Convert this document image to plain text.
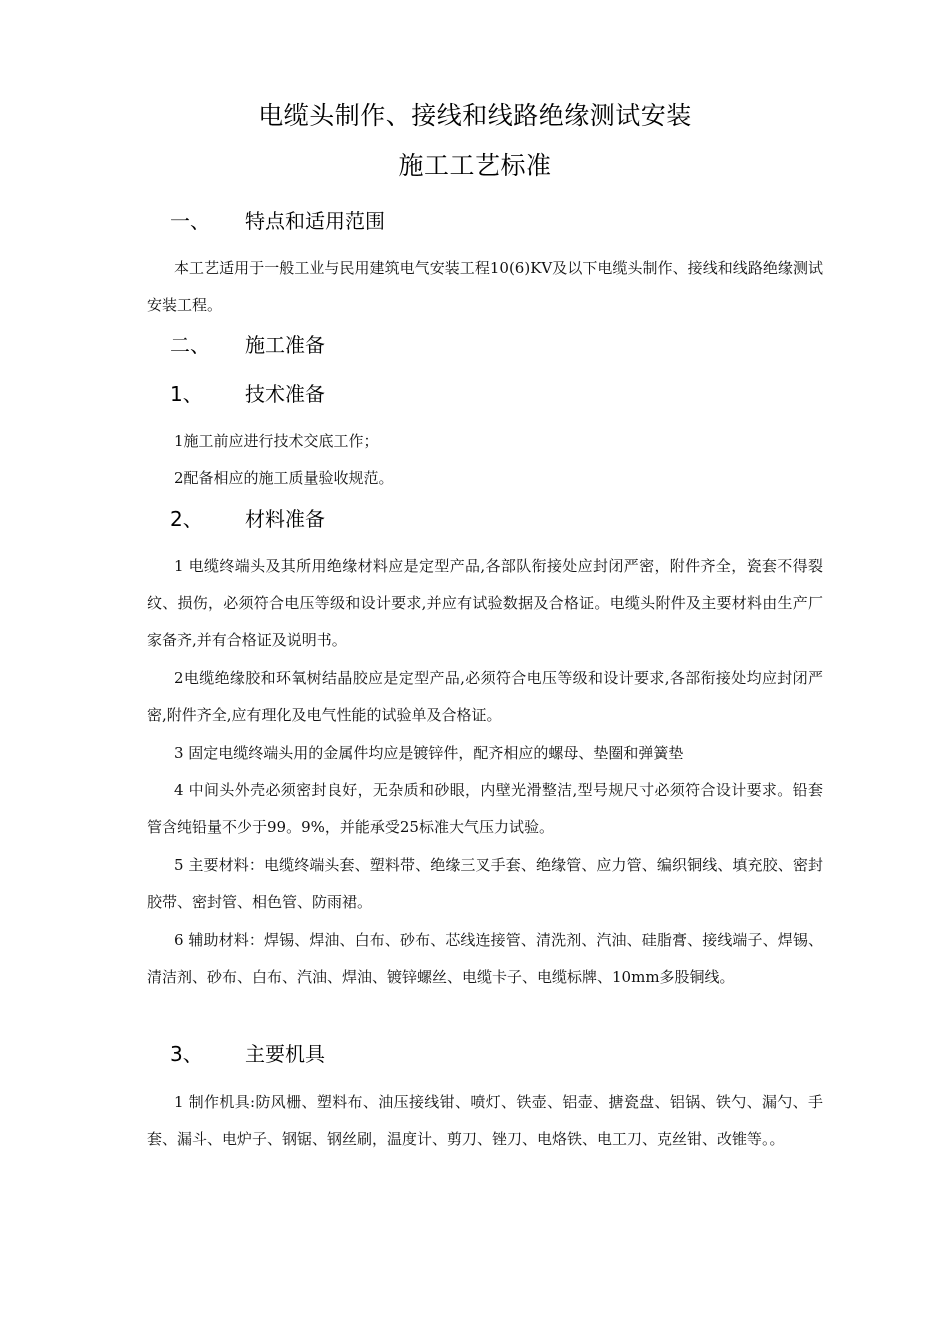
电缆头制作、接线和线路绝缘测试安装
施工工艺标准
一、 特点和适用范围
本工艺适用于一般工业与民用建筑电气安装工程10(6)KV及以下电缆头制作、接线和线路绝缘测试安装工程。
二、 施工准备
1、 技术准备
1施工前应进行技术交底工作；
2配备相应的施工质量验收规范。
2、 材料准备
1 电缆终端头及其所用绝缘材料应是定型产品,各部队衔接处应封闭严密，附件齐全，瓷套不得裂纹、损伤，必须符合电压等级和设计要求,并应有试验数据及合格证。电缆头附件及主要材料由生产厂家备齐,并有合格证及说明书。
2电缆绝缘胶和环氧树结晶胶应是定型产品,必须符合电压等级和设计要求,各部衔接处均应封闭严密,附件齐全,应有理化及电气性能的试验单及合格证。
3 固定电缆终端头用的金属件均应是镀锌件，配齐相应的螺母、垫圈和弹簧垫
4 中间头外壳必须密封良好，无杂质和砂眼，内壁光滑整洁,型号规尺寸必须符合设计要求。铅套管含纯铅量不少于99。9%，并能承受25标准大气压力试验。
5 主要材料：电缆终端头套、塑料带、绝缘三叉手套、绝缘管、应力管、编织铜线、填充胶、密封胶带、密封管、相色管、防雨裙。
6 辅助材料：焊锡、焊油、白布、砂布、芯线连接管、清洗剂、汽油、硅脂膏、接线端子、焊锡、清洁剂、砂布、白布、汽油、焊油、镀锌螺丝、电缆卡子、电缆标牌、10mm多股铜线。
3、 主要机具
1 制作机具:防风栅、塑料布、油压接线钳、喷灯、铁壶、铝壶、搪瓷盘、铝锅、铁勺、漏勺、手套、漏斗、电炉子、钢锯、钢丝刷，温度计、剪刀、锉刀、电烙铁、电工刀、克丝钳、改锥等。。
